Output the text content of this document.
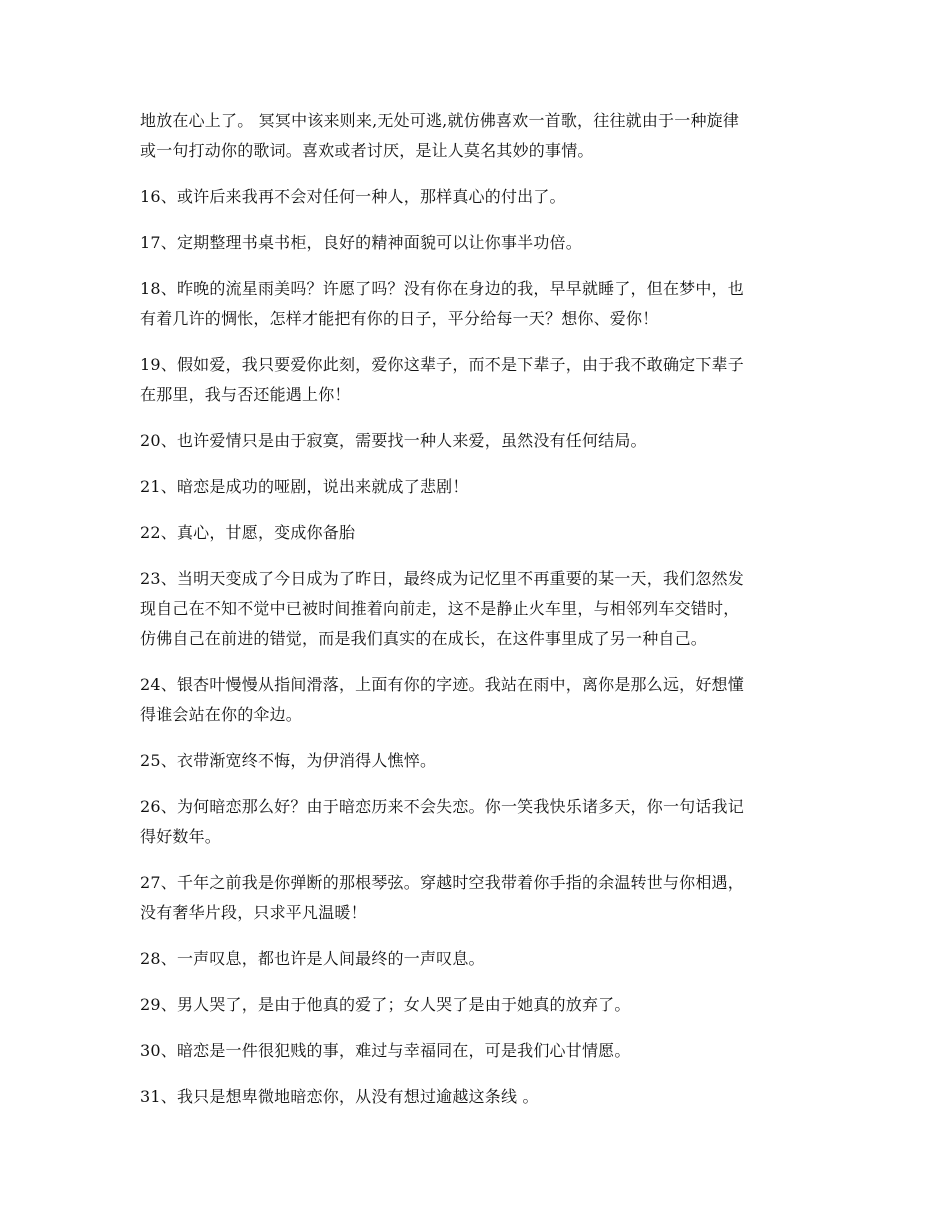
地放在心上了。 冥冥中该来则来,无处可逃,就仿佛喜欢一首歌，往往就由于一种旋律
或一句打动你的歌词。喜欢或者讨厌，是让人莫名其妙的事情。

16、或许后来我再不会对任何一种人，那样真心的付出了。

17、定期整理书桌书柜，良好的精神面貌可以让你事半功倍。

18、昨晚的流星雨美吗？许愿了吗？没有你在身边的我，早早就睡了，但在梦中，也
有着几许的惆怅，怎样才能把有你的日子，平分给每一天？想你、爱你！

19、假如爱，我只要爱你此刻，爱你这辈子，而不是下辈子，由于我不敢确定下辈子
在那里，我与否还能遇上你！

20、也许爱情只是由于寂寞，需要找一种人来爱，虽然没有任何结局。

21、暗恋是成功的哑剧，说出来就成了悲剧！

22、真心，甘愿，变成你备胎

23、当明天变成了今日成为了昨日，最终成为记忆里不再重要的某一天，我们忽然发
现自己在不知不觉中已被时间推着向前走，这不是静止火车里，与相邻列车交错时，
仿佛自己在前进的错觉，而是我们真实的在成长，在这件事里成了另一种自己。

24、银杏叶慢慢从指间滑落，上面有你的字迹。我站在雨中，离你是那么远，好想懂
得谁会站在你的伞边。

25、衣带渐宽终不悔，为伊消得人憔悴。

26、为何暗恋那么好？由于暗恋历来不会失恋。你一笑我快乐诸多天，你一句话我记
得好数年。

27、千年之前我是你弹断的那根琴弦。穿越时空我带着你手指的余温转世与你相遇，
没有奢华片段，只求平凡温暖！

28、一声叹息，都也许是人间最终的一声叹息。

29、男人哭了，是由于他真的爱了；女人哭了是由于她真的放弃了。

30、暗恋是一件很犯贱的事，难过与幸福同在，可是我们心甘情愿。

31、我只是想卑微地暗恋你，从没有想过逾越这条线 。
